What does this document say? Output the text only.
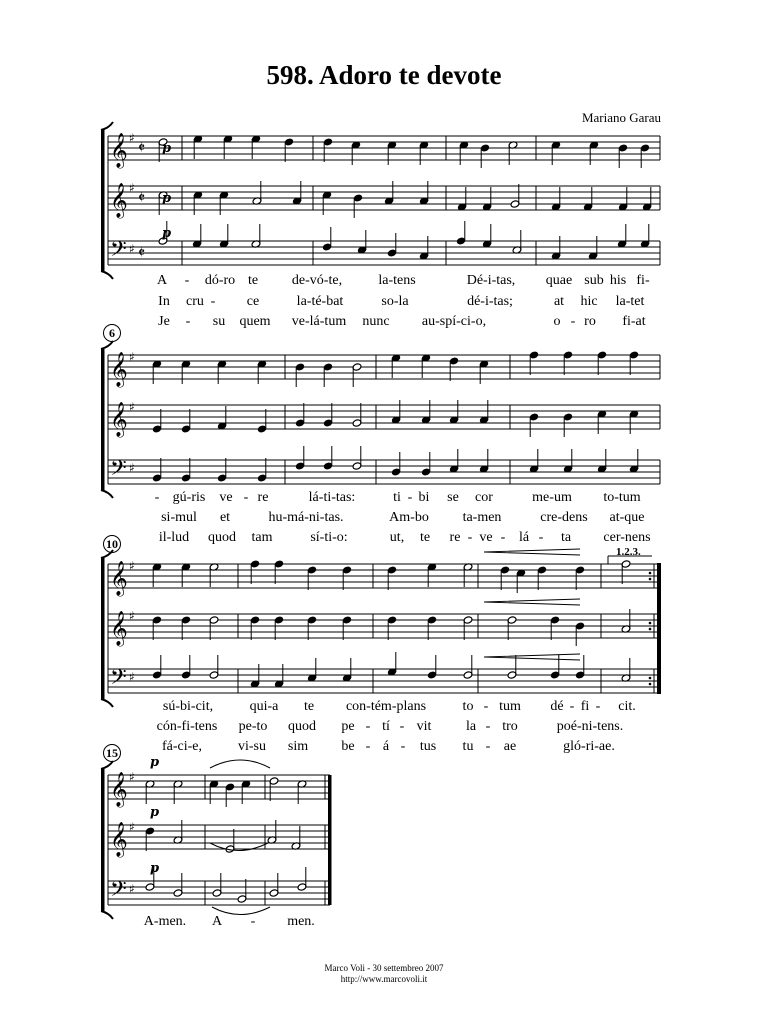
598. Adoro te devote
Mariano Garau
6
10
15
1.2.3.
𝄞 ♯ 𝄵
𝄞 ♯ 𝄵
𝄢 ♯ 𝄵
p
p
p
𝄞 ♯
𝄞 ♯
𝄢 ♯
𝄞 ♯
𝄞 ♯
𝄢 ♯
𝄞 ♯
𝄞 ♯
𝄢 ♯
p
p
p
A - dó-ro te de-vó-te,	la-tens	Dé-i-tas, quae sub his fi-
In cru - ce	la-té-bat	so-la	dé-i-tas;	at hic la-tet
Je - su quem ve-lá-tum nunc au-spí-ci-o,	o - ro fi-at
- gú-ris ve - re	lá-ti-tas:	ti - bi se cor	me-um to-tum
si-mul et	hu-má-ni-tas.	Am-bo ta-men	cre-dens at-que
il-lud quod tam	sí-ti-o:	ut, te re - ve - lá - ta cer-nens
sú-bi-cit,	qui-a te con-tém-plans	to - tum dé - fi - cit.
cón-fi-tens pe-to quod pe - tí - vit la - tro	poé-ni-tens.
fá-ci-e,	vi-su sim be - á - tus tu - ae	gló-ri-ae.
A-men. A - men.
Marco Voli - 30 settembreo 2007
http://www.marcovoli.it
